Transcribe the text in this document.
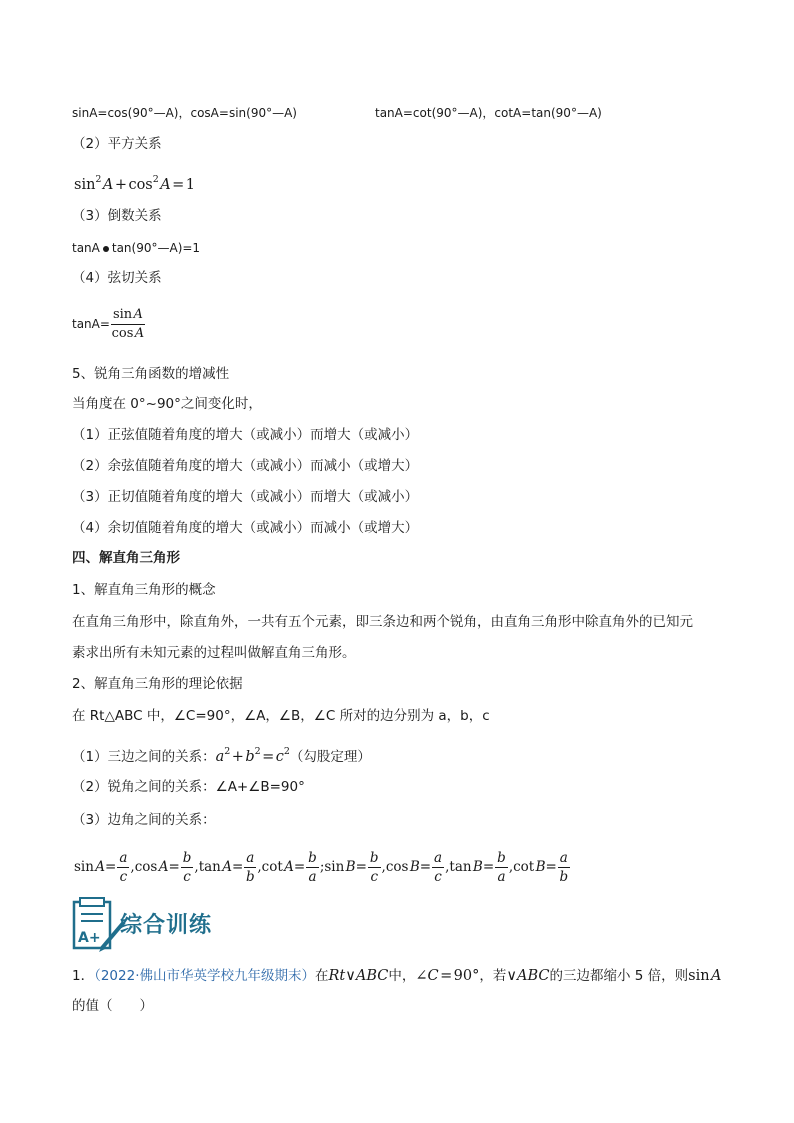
sinA=cos(90°—A)，cosA=sin(90°—A)	tanA=cot(90°—A)，cotA=tan(90°—A)
（2）平方关系
$\sin^2$ A + $\cos^2$ A = 1
（3）倒数关系
tanA tan(90°—A)=1
（4）弦切关系
$\tan A= \frac{\text{sin A}}{\text{cos A}}$
5、锐角三角函数的增减性
当角度在 0°~90°之间变化时，
（1）正弦值随着角度的增大（或减小）而增大（或减小）
（2）余弦值随着角度的增大（或减小）而减小（或增大）
（3）正切值随着角度的增大（或减小）而增大（或减小）
（4）余切值随着角度的增大（或减小）而减小（或增大）
四、解直角三角形
1、解直角三角形的概念
在直角三角形中，除直角外，一共有五个元素，即三条边和两个锐角，由直角三角形中除直角外的已知元
素求出所有未知元素的过程叫做解直角三角形。
2、解直角三角形的理论依据
在 Rt△ABC 中，∠C=90°，∠A，∠B，∠C 所对的边分别为 a，b，c
（1）三边之间的关系：$a^2$ + $b^2$ = $c^2$（勾股定理）
（2）锐角之间的关系：∠A+∠B=90°
（3）边角之间的关系：
sin $A= \frac{a}{c} ,\cos$ $A= \frac{b}{c} ,\tan$ $A= \frac{a}{b} ,\cot$ $A= \frac{b}{a}$ ;sin $B= \frac{b}{c} ,\cos$ $B= \frac{a}{c} ,\tan$ $B= \frac{b}{a} ,\cot$ $B= \frac{a}{b}$
A+ 综合训练
1．（2022·佛山市华英学校九年级期末）在Rt∨ABC中，∠C = 90°，若∨ABC的三边都缩小 5 倍，则sin A
的值（　　）
